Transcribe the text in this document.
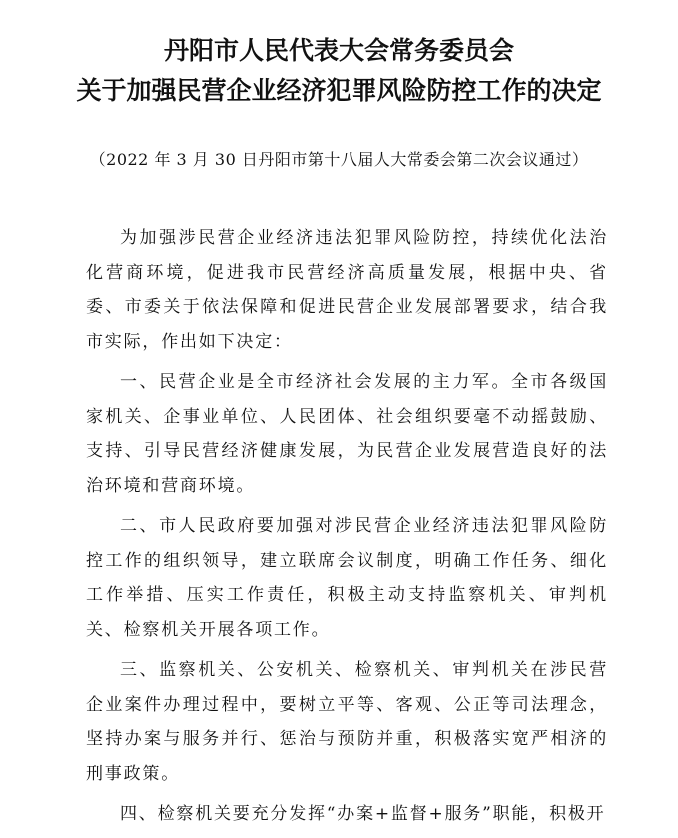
丹阳市人民代表大会常务委员会
关于加强民营企业经济犯罪风险防控工作的决定
（2022 年 3 月 30 日丹阳市第十八届人大常委会第二次会议通过）

为加强涉民营企业经济违法犯罪风险防控，持续优化法治化营商环境，促进我市民营经济高质量发展，根据中央、省委、市委关于依法保障和促进民营企业发展部署要求，结合我市实际，作出如下决定：

一、民营企业是全市经济社会发展的主力军。全市各级国家机关、企事业单位、人民团体、社会组织要毫不动摇鼓励、支持、引导民营经济健康发展，为民营企业发展营造良好的法治环境和营商环境。

二、市人民政府要加强对涉民营企业经济违法犯罪风险防控工作的组织领导，建立联席会议制度，明确工作任务、细化工作举措、压实工作责任，积极主动支持监察机关、审判机关、检察机关开展各项工作。

三、监察机关、公安机关、检察机关、审判机关在涉民营企业案件办理过程中，要树立平等、客观、公正等司法理念，坚持办案与服务并行、惩治与预防并重，积极落实宽严相济的刑事政策。

四、检察机关要充分发挥“办案+监督+服务”职能，积极开
